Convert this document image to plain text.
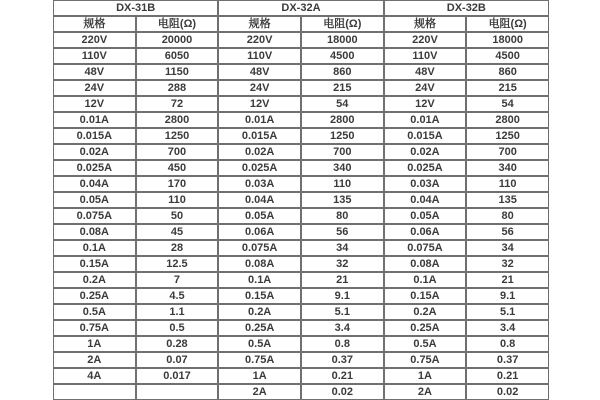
DX-31B		DX-32A		DX-32B	
规格	电阻(Ω)	规格	电阻(Ω)	规格	电阻(Ω)
220V	20000	220V	18000	220V	18000
110V	6050	110V	4500	110V	4500
48V	1150	48V	860	48V	860
24V	288	24V	215	24V	215
12V	72	12V	54	12V	54
0.01A	2800	0.01A	2800	0.01A	2800
0.015A	1250	0.015A	1250	0.015A	1250
0.02A	700	0.02A	700	0.02A	700
0.025A	450	0.025A	340	0.025A	340
0.04A	170	0.03A	110	0.03A	110
0.05A	110	0.04A	135	0.04A	135
0.075A	50	0.05A	80	0.05A	80
0.08A	45	0.06A	56	0.06A	56
0.1A	28	0.075A	34	0.075A	34
0.15A	12.5	0.08A	32	0.08A	32
0.2A	7	0.1A	21	0.1A	21
0.25A	4.5	0.15A	9.1	0.15A	9.1
0.5A	1.1	0.2A	5.1	0.2A	5.1
0.75A	0.5	0.25A	3.4	0.25A	3.4
1A	0.28	0.5A	0.8	0.5A	0.8
2A	0.07	0.75A	0.37	0.75A	0.37
4A	0.017	1A	0.21	1A	0.21
		2A	0.02	2A	0.02
